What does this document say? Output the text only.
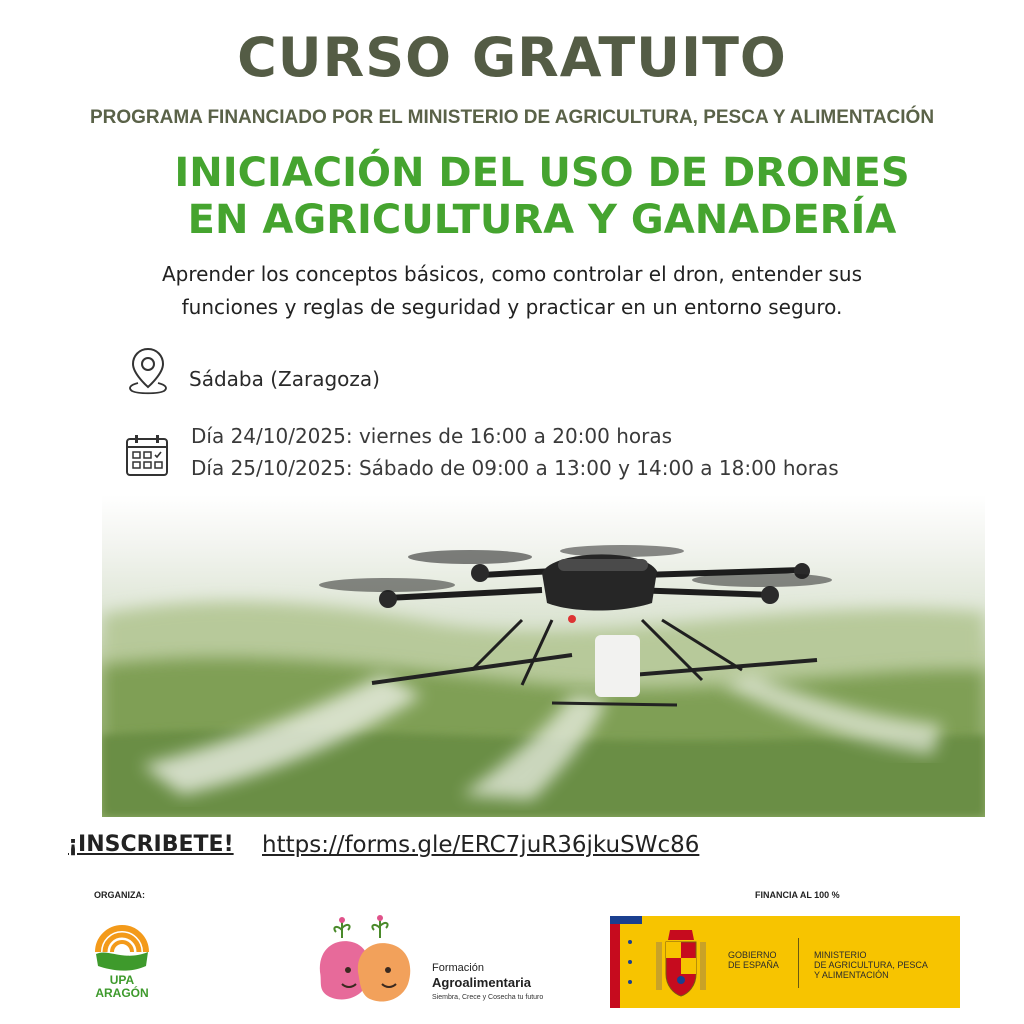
CURSO GRATUITO
PROGRAMA FINANCIADO POR EL MINISTERIO DE AGRICULTURA, PESCA Y ALIMENTACIÓN
INICIACIÓN DEL USO DE DRONES
EN AGRICULTURA Y GANADERÍA
Aprender los conceptos básicos, como controlar el dron, entender sus
funciones y reglas de seguridad y practicar en un entorno seguro.
Sádaba (Zaragoza)
Día 24/10/2025: viernes de 16:00 a 20:00 horas
Día 25/10/2025: Sábado de 09:00 a 13:00 y 14:00 a 18:00 horas
¡INSCRIBETE! https://forms.gle/ERC7juR36jkuSWc86
ORGANIZA:	FINANCIA AL 100 %
UPA
ARAGÓN
Formación
Agroalimentaria
Siembra, Crece y Cosecha tu futuro
GOBIERNO
DE ESPAÑA
MINISTERIO
DE AGRICULTURA, PESCA
Y ALIMENTACIÓN
